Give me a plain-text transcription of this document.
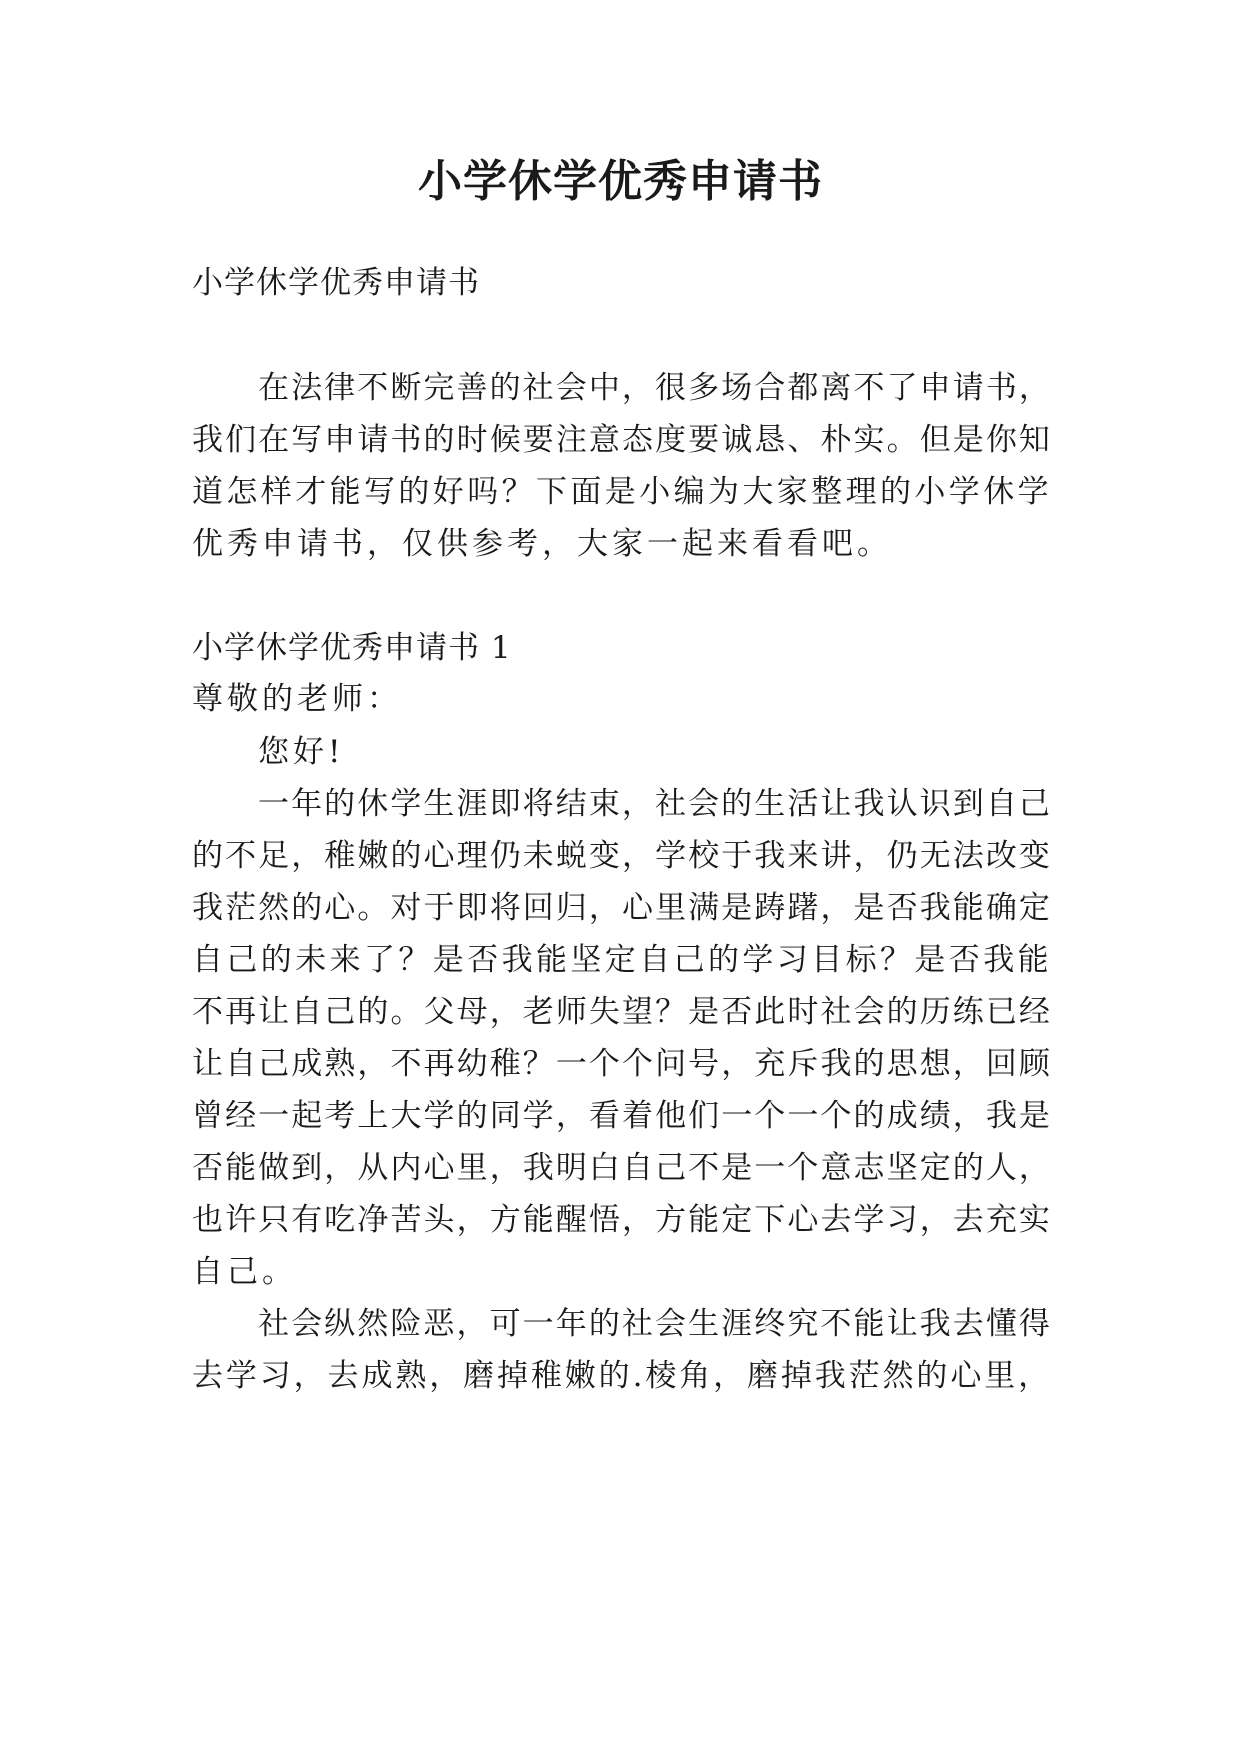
小学休学优秀申请书
小学休学优秀申请书
在法律不断完善的社会中，很多场合都离不了申请书，
我们在写申请书的时候要注意态度要诚恳、朴实。但是你知
道怎样才能写的好吗？下面是小编为大家整理的小学休学
优秀申请书，仅供参考，大家一起来看看吧。
小学休学优秀申请书 1
尊敬的老师：
您好!
一年的休学生涯即将结束，社会的生活让我认识到自己
的不足，稚嫩的心理仍未蜕变，学校于我来讲，仍无法改变
我茫然的心。对于即将回归，心里满是踌躇，是否我能确定
自己的未来了？是否我能坚定自己的学习目标？是否我能
不再让自己的。父母，老师失望？是否此时社会的历练已经
让自己成熟，不再幼稚？一个个问号，充斥我的思想，回顾
曾经一起考上大学的同学，看着他们一个一个的成绩，我是
否能做到，从内心里，我明白自己不是一个意志坚定的人，
也许只有吃净苦头，方能醒悟，方能定下心去学习，去充实
自己。
社会纵然险恶，可一年的社会生涯终究不能让我去懂得
去学习，去成熟，磨掉稚嫩的.棱角，磨掉我茫然的心里，
